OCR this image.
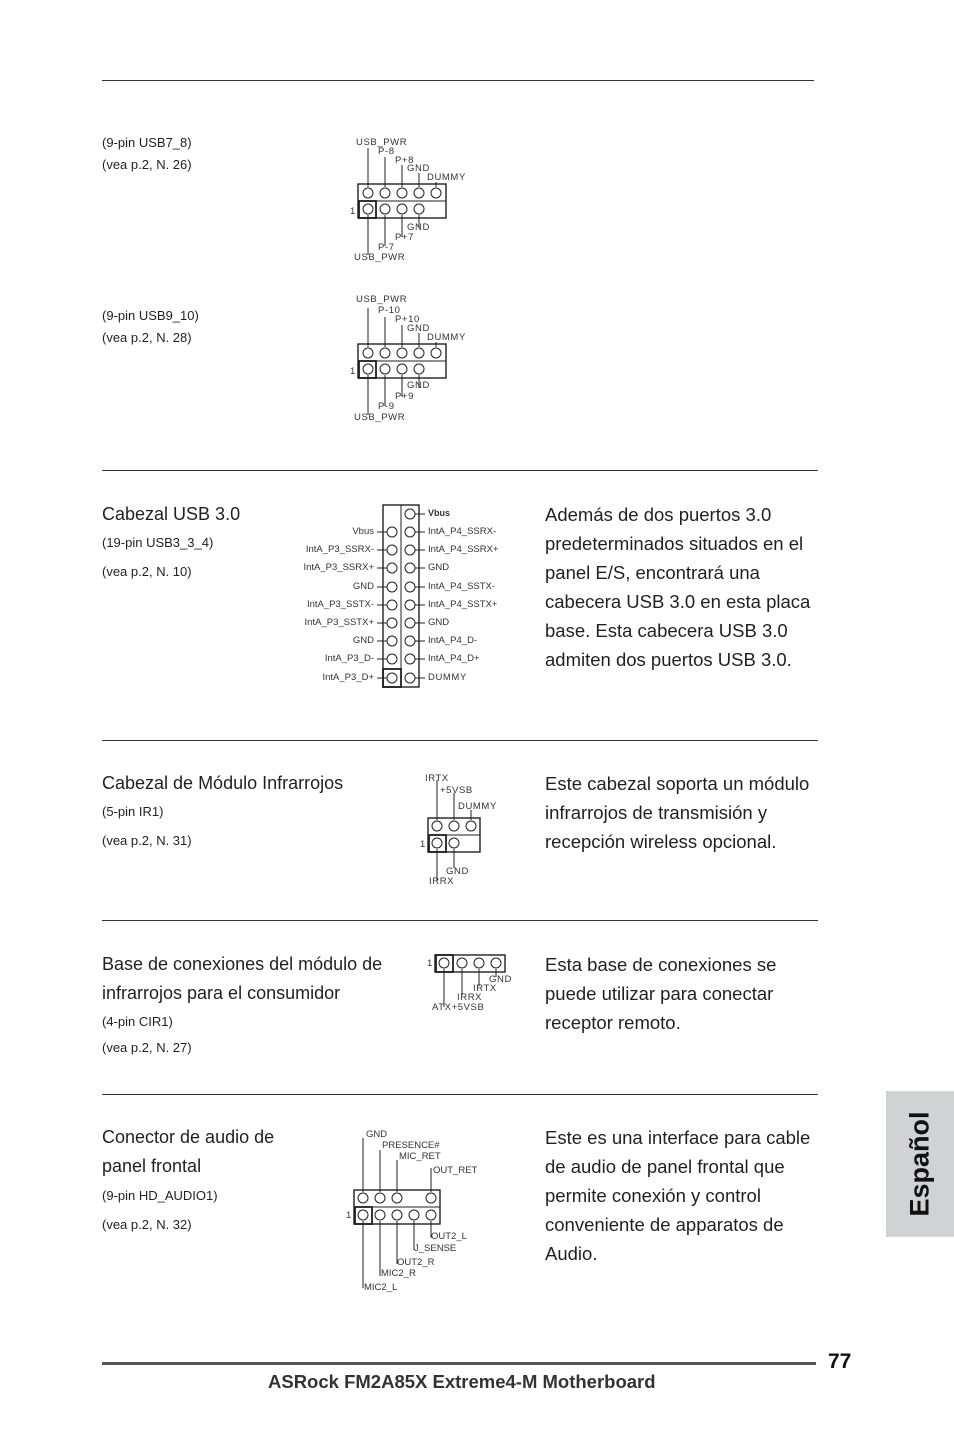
(9-pin USB7_8)
(vea p.2, N. 26)
USB_PWR
P-8
P+8
GND
DUMMY
1
GND
P+7
P-7
USB_PWR
(9-pin USB9_10)
(vea p.2, N. 28)
USB_PWR
P-10
P+10
GND
DUMMY
1
GND
P+9
P-9
USB_PWR
Cabezal USB 3.0
(19-pin USB3_3_4)
(vea p.2, N. 10)
Vbus
IntA_P3_SSRX-
IntA_P3_SSRX+
GND
IntA_P3_SSTX-
IntA_P3_SSTX+
GND
IntA_P3_D-
IntA_P3_D+
Vbus
IntA_P4_SSRX-
IntA_P4_SSRX+
GND
IntA_P4_SSTX-
IntA_P4_SSTX+
GND
IntA_P4_D-
IntA_P4_D+
DUMMY
Además de dos puertos 3.0 predeterminados situados en el panel E/S, encontrará una cabecera USB 3.0 en esta placa base. Esta cabecera USB 3.0 admiten dos puertos USB 3.0.
Cabezal de Módulo Infrarrojos
(5-pin IR1)
(vea p.2, N. 31)
IRTX
+5VSB
DUMMY
1
GND
IRRX
Este cabezal soporta un módulo infrarrojos de transmisión y recepción wireless opcional.
Base de conexiones del módulo de infrarrojos para el consumidor
(4-pin CIR1)
(vea p.2, N. 27)
1
GND
IRTX
IRRX
ATX+5VSB
Esta base de conexiones se puede utilizar para conectar receptor remoto.
Conector de audio de panel frontal
(9-pin HD_AUDIO1)
(vea p.2, N. 32)
GND
PRESENCE#
MIC_RET
OUT_RET
1
OUT2_L
J_SENSE
OUT2_R
MIC2_R
MIC2_L
Este es una interface para cable de audio de panel frontal que permite conexión y control conveniente de apparatos de Audio.
Español
77
ASRock FM2A85X Extreme4-M Motherboard
